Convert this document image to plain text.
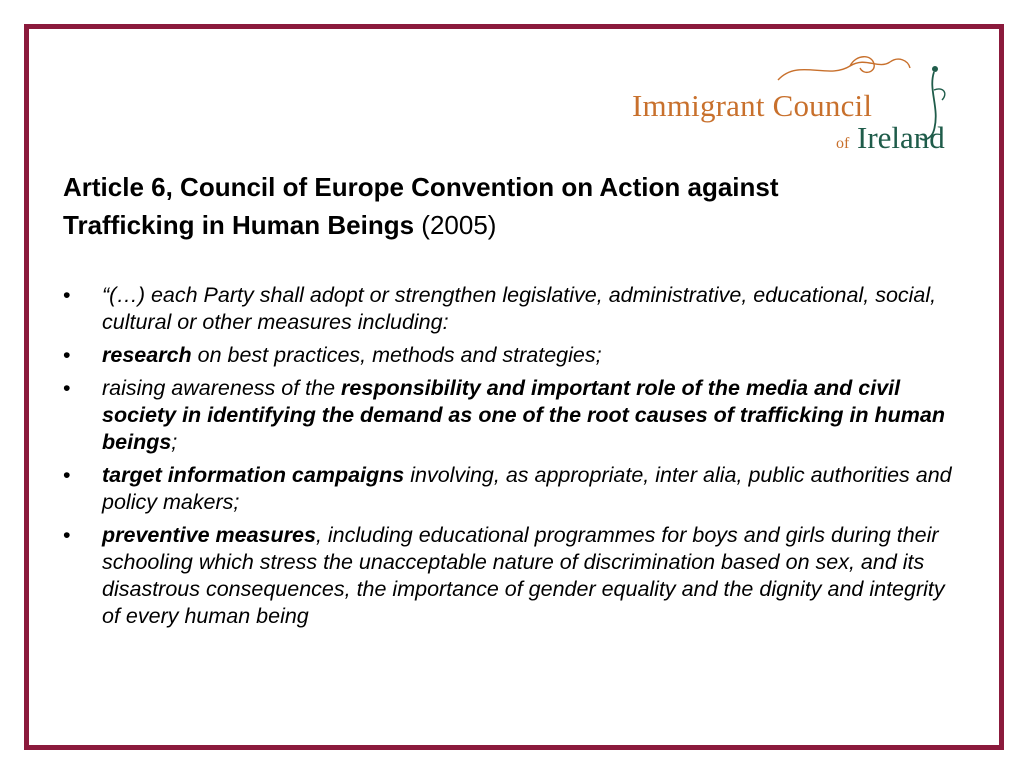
Immigrant Council
of Ireland
Article 6, Council of Europe Convention on Action against Trafficking in Human Beings (2005)
• “(…) each Party shall adopt or strengthen legislative, administrative, educational, social, cultural or other measures including:
• research on best practices, methods and strategies;
• raising awareness of the responsibility and important role of the media and civil society in identifying the demand as one of the root causes of trafficking in human beings;
• target information campaigns involving, as appropriate, inter alia, public authorities and policy makers;
• preventive measures, including educational programmes for boys and girls during their schooling which stress the unacceptable nature of discrimination based on sex, and its disastrous consequences, the importance of gender equality and the dignity and integrity of every human being
